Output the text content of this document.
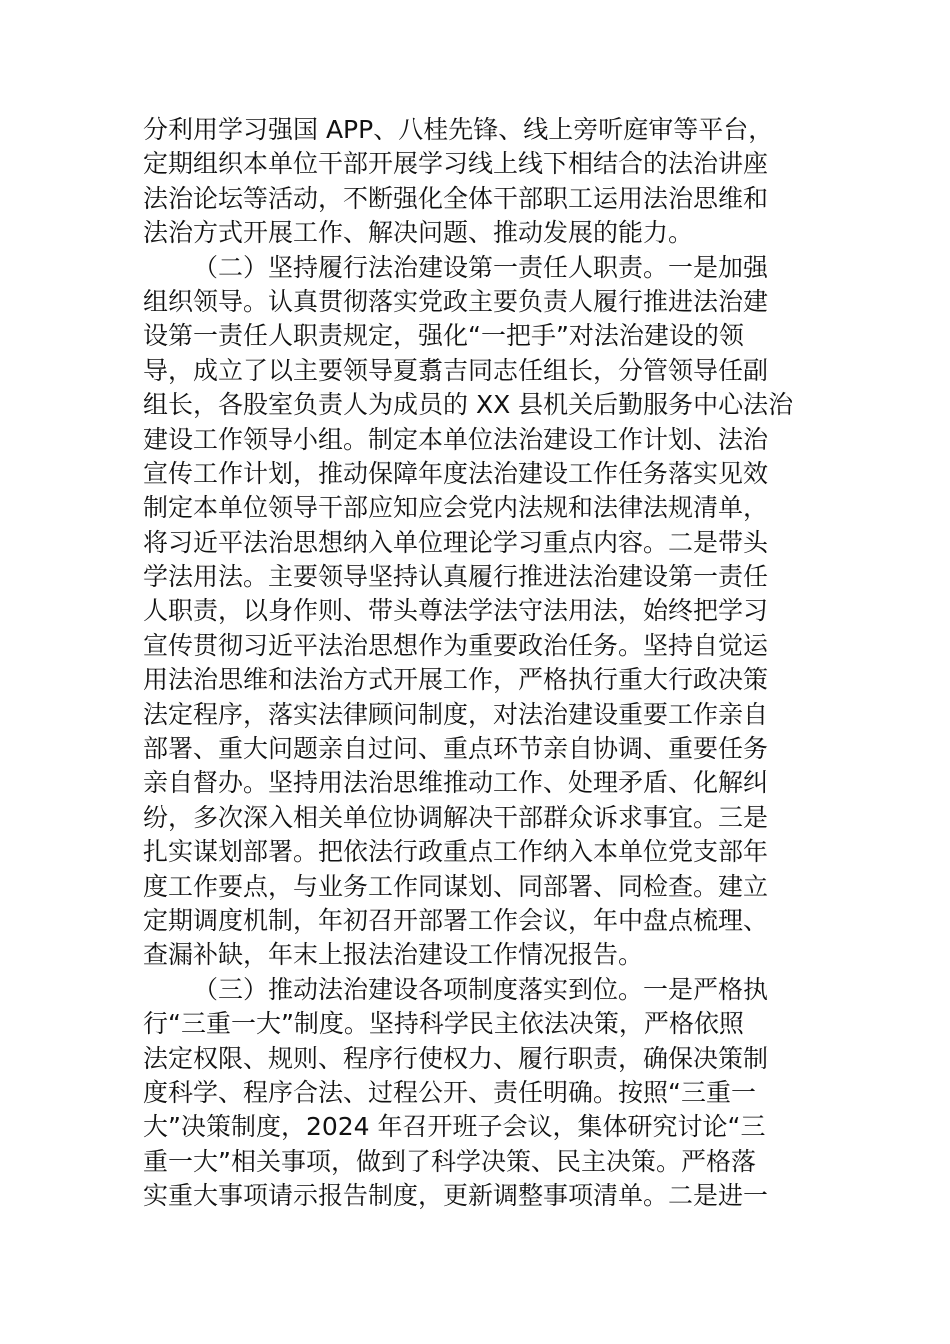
分利用学习强国 APP、八桂先锋、线上旁听庭审等平台，
定期组织本单位干部开展学习线上线下相结合的法治讲座
法治论坛等活动，不断强化全体干部职工运用法治思维和
法治方式开展工作、解决问题、推动发展的能力。
（二）坚持履行法治建设第一责任人职责。一是加强
组织领导。认真贯彻落实党政主要负责人履行推进法治建
设第一责任人职责规定，强化“一把手”对法治建设的领
导，成立了以主要领导夏翥吉同志任组长，分管领导任副
组长，各股室负责人为成员的 XX 县机关后勤服务中心法治
建设工作领导小组。制定本单位法治建设工作计划、法治
宣传工作计划，推动保障年度法治建设工作任务落实见效
制定本单位领导干部应知应会党内法规和法律法规清单，
将习近平法治思想纳入单位理论学习重点内容。二是带头
学法用法。主要领导坚持认真履行推进法治建设第一责任
人职责，以身作则、带头尊法学法守法用法，始终把学习
宣传贯彻习近平法治思想作为重要政治任务。坚持自觉运
用法治思维和法治方式开展工作，严格执行重大行政决策
法定程序，落实法律顾问制度，对法治建设重要工作亲自
部署、重大问题亲自过问、重点环节亲自协调、重要任务
亲自督办。坚持用法治思维推动工作、处理矛盾、化解纠
纷，多次深入相关单位协调解决干部群众诉求事宜。三是
扎实谋划部署。把依法行政重点工作纳入本单位党支部年
度工作要点，与业务工作同谋划、同部署、同检查。建立
定期调度机制，年初召开部署工作会议，年中盘点梳理、
查漏补缺，年末上报法治建设工作情况报告。
（三）推动法治建设各项制度落实到位。一是严格执
行“三重一大”制度。坚持科学民主依法决策，严格依照
法定权限、规则、程序行使权力、履行职责，确保决策制
度科学、程序合法、过程公开、责任明确。按照“三重一
大”决策制度，2024 年召开班子会议，集体研究讨论“三
重一大”相关事项，做到了科学决策、民主决策。严格落
实重大事项请示报告制度，更新调整事项清单。二是进一
